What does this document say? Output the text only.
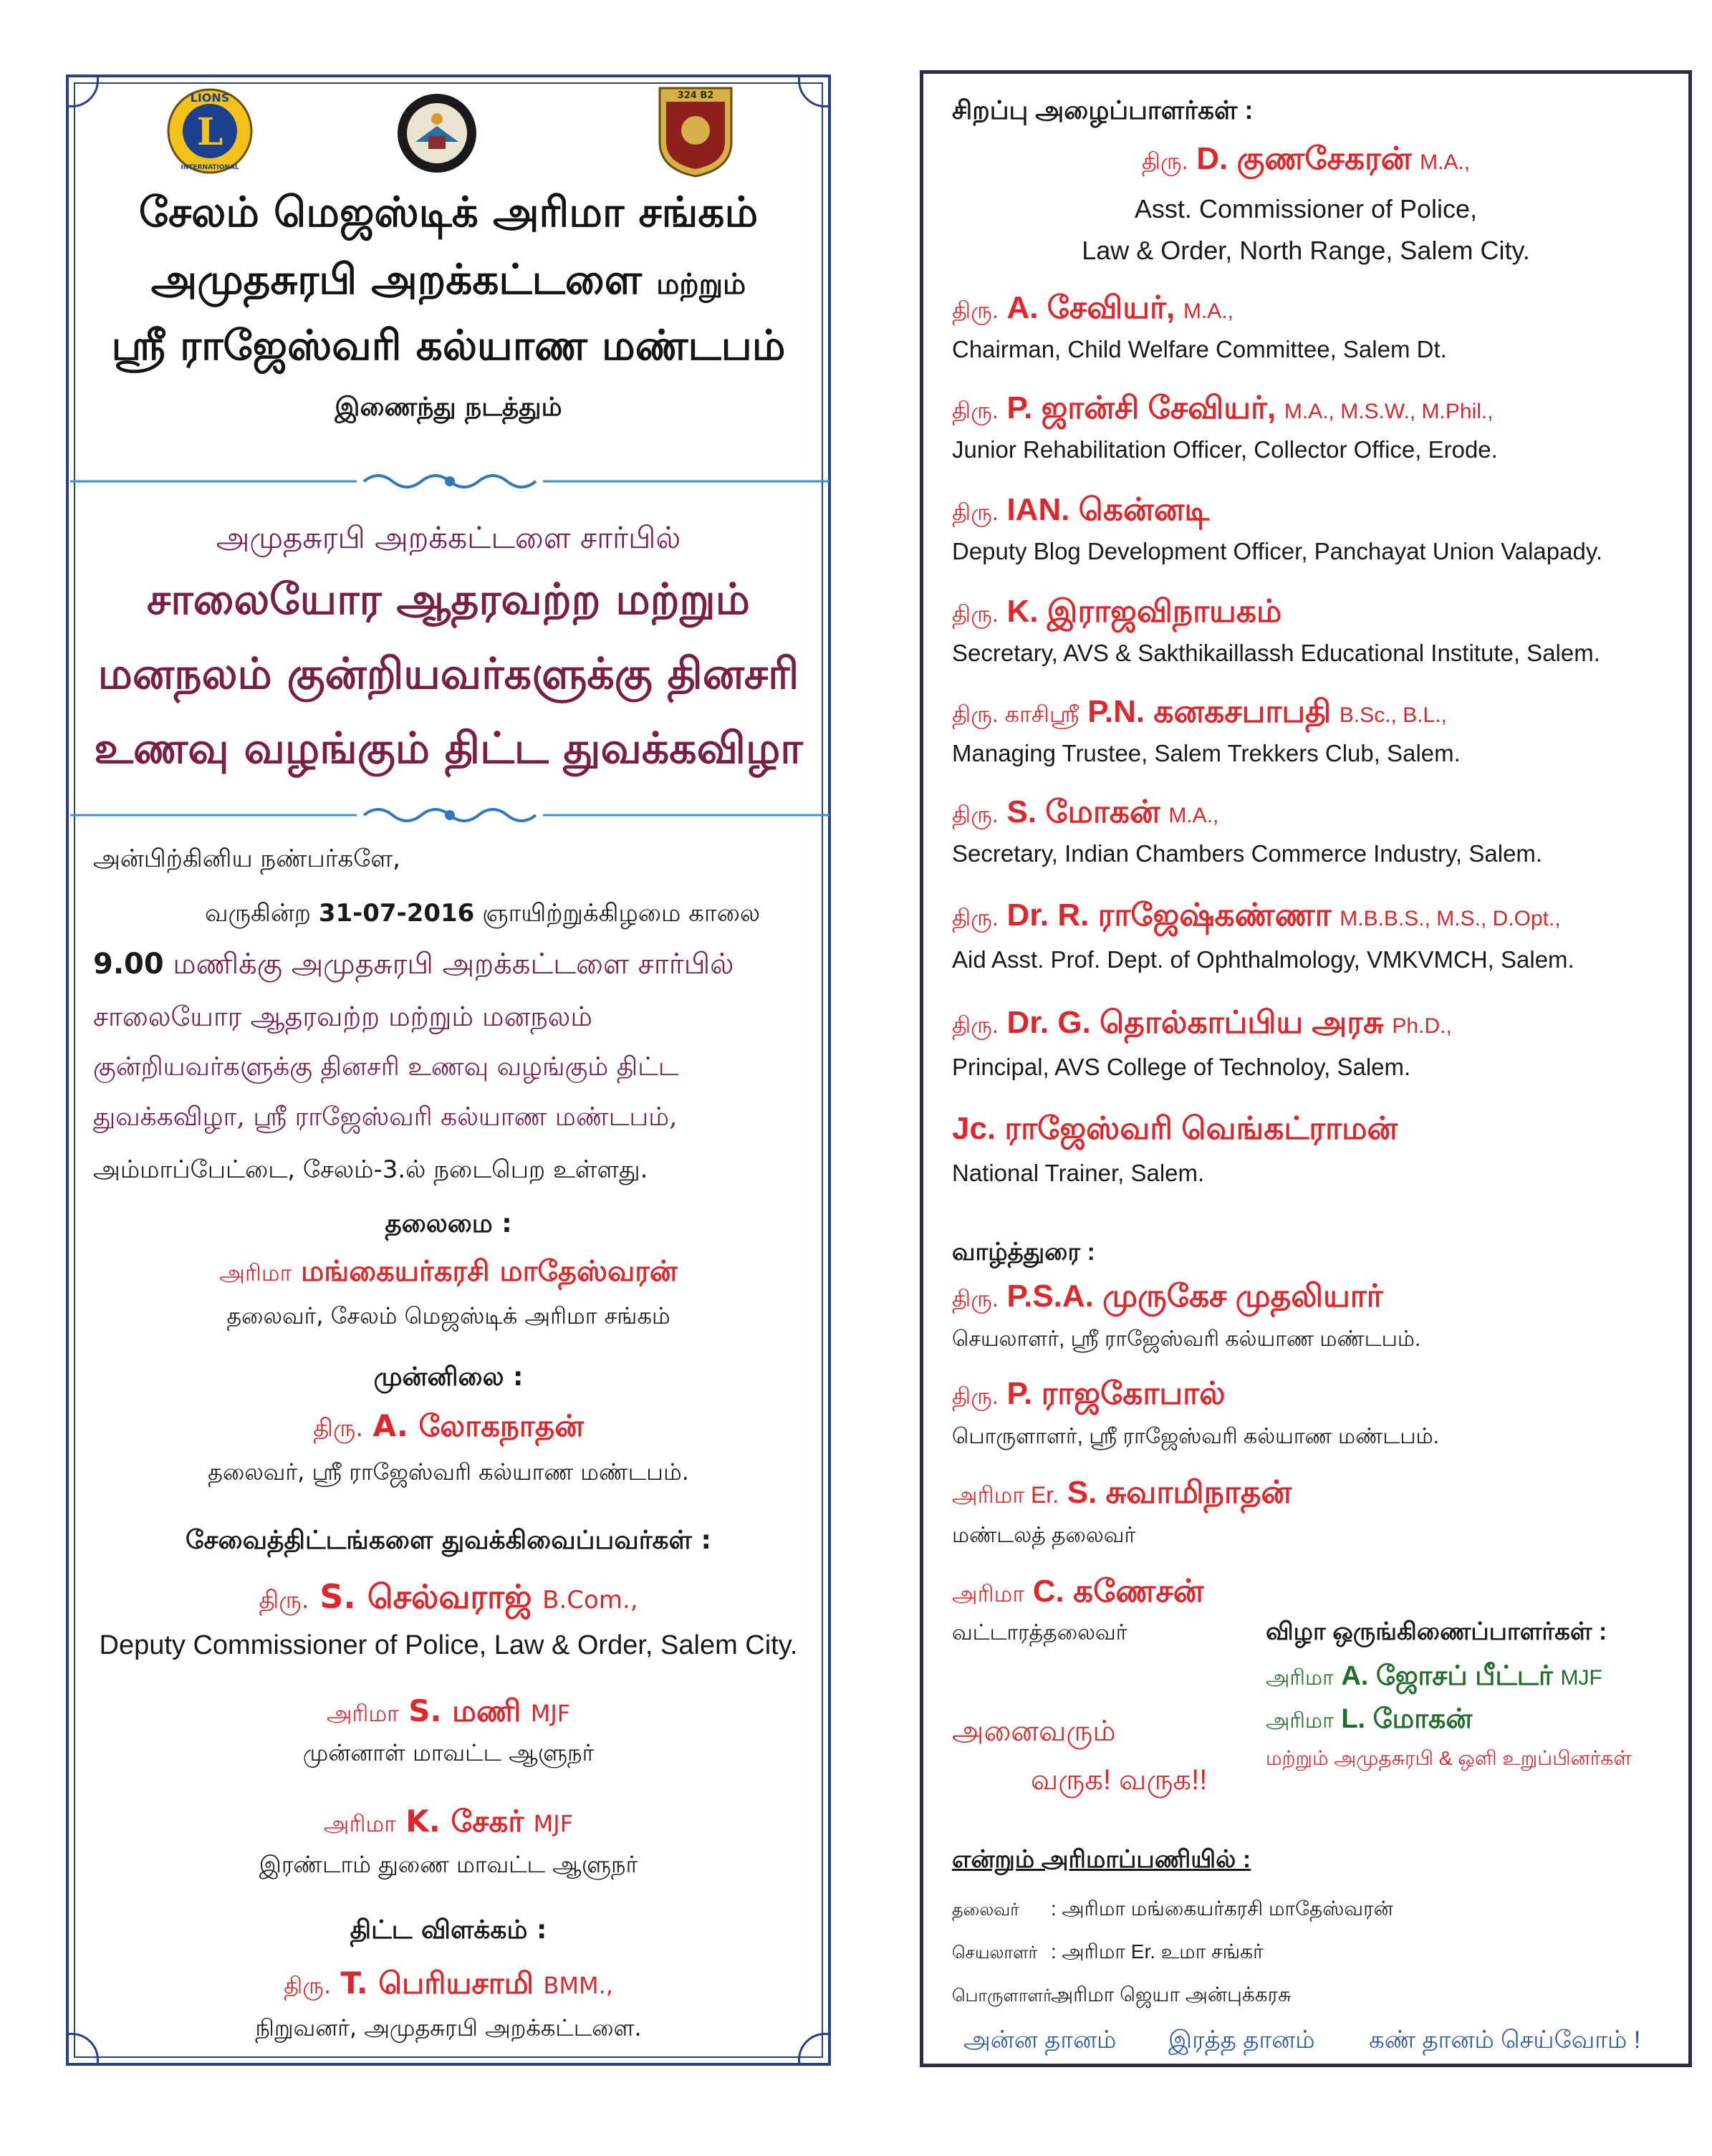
L
LIONS
INTERNATIONAL
324 B2
சேலம் மெஜஸ்டிக் அரிமா சங்கம்
அமுதசுரபி அறக்கட்டளை மற்றும்
ஸ்ரீ ராஜேஸ்வரி கல்யாண மண்டபம்
இணைந்து நடத்தும்
அமுதசுரபி அறக்கட்டளை சார்பில்
சாலையோர ஆதரவற்ற மற்றும்
மனநலம் குன்றியவர்களுக்கு தினசரி
உணவு வழங்கும் திட்ட துவக்கவிழா
அன்பிற்கினிய நண்பர்களே,
வருகின்ற 31-07-2016 ஞாயிற்றுக்கிழமை காலை
9.00 மணிக்கு அமுதசுரபி அறக்கட்டளை சார்பில்
சாலையோர ஆதரவற்ற மற்றும் மனநலம்
குன்றியவர்களுக்கு தினசரி உணவு வழங்கும் திட்ட
துவக்கவிழா, ஸ்ரீ ராஜேஸ்வரி கல்யாண மண்டபம்,
அம்மாப்பேட்டை, சேலம்-3.ல் நடைபெற உள்ளது.
தலைமை :
அரிமா மங்கையர்கரசி மாதேஸ்வரன்
தலைவர், சேலம் மெஜஸ்டிக் அரிமா சங்கம்
முன்னிலை :
திரு. A. லோகநாதன்
தலைவர், ஸ்ரீ ராஜேஸ்வரி கல்யாண மண்டபம்.
சேவைத்திட்டங்களை துவக்கிவைப்பவர்கள் :
திரு. S. செல்வராஜ் B.Com.,
Deputy Commissioner of Police, Law & Order, Salem City.
அரிமா S. மணி MJF
முன்னாள் மாவட்ட ஆளுநர்
அரிமா K. சேகர் MJF
இரண்டாம் துணை மாவட்ட ஆளுநர்
திட்ட விளக்கம் :
திரு. T. பெரியசாமி BMM.,
நிறுவனர், அமுதசுரபி அறக்கட்டளை.
சிறப்பு அழைப்பாளர்கள் :
திரு. D. குணசேகரன் M.A.,
Asst. Commissioner of Police,
Law & Order, North Range, Salem City.
திரு. A. சேவியர், M.A.,
Chairman, Child Welfare Committee, Salem Dt.
திரு. P. ஜான்சி சேவியர், M.A., M.S.W., M.Phil.,
Junior Rehabilitation Officer, Collector Office, Erode.
திரு. IAN. கென்னடி
Deputy Blog Development Officer, Panchayat Union Valapady.
திரு. K. இராஜவிநாயகம்
Secretary, AVS & Sakthikaillassh Educational Institute, Salem.
திரு. காசிஸ்ரீ P.N. கனகசபாபதி B.Sc., B.L.,
Managing Trustee, Salem Trekkers Club, Salem.
திரு. S. மோகன் M.A.,
Secretary, Indian Chambers Commerce Industry, Salem.
திரு. Dr. R. ராஜேஷ்கண்ணா M.B.B.S., M.S., D.Opt.,
Aid Asst. Prof. Dept. of Ophthalmology, VMKVMCH, Salem.
திரு. Dr. G. தொல்காப்பிய அரசு Ph.D.,
Principal, AVS College of Technoloy, Salem.
Jc. ராஜேஸ்வரி வெங்கட்ராமன்
National Trainer, Salem.
வாழ்த்துரை :
திரு. P.S.A. முருகேச முதலியார்
செயலாளர், ஸ்ரீ ராஜேஸ்வரி கல்யாண மண்டபம்.
திரு. P. ராஜகோபால்
பொருளாளர், ஸ்ரீ ராஜேஸ்வரி கல்யாண மண்டபம்.
அரிமா Er. S. சுவாமிநாதன்
மண்டலத் தலைவர்
அரிமா C. கணேசன்
வட்டாரத்தலைவர்	விழா ஒருங்கிணைப்பாளர்கள் :
அரிமா A. ஜோசப் பீட்டர் MJF
அரிமா L. மோகன்
மற்றும் அமுதசுரபி & ஒளி உறுப்பினர்கள்
அனைவரும்
வருக! வருக!!
என்றும் அரிமாப்பணியில் :
தலைவர் : அரிமா மங்கையர்கரசி மாதேஸ்வரன்
செயலாளர் : அரிமா Er. உமா சங்கர்
பொருளாளர் :
அரிமா ஜெயா அன்புக்கரசு
அன்ன தானம் இரத்த தானம் கண் தானம் செய்வோம் !
